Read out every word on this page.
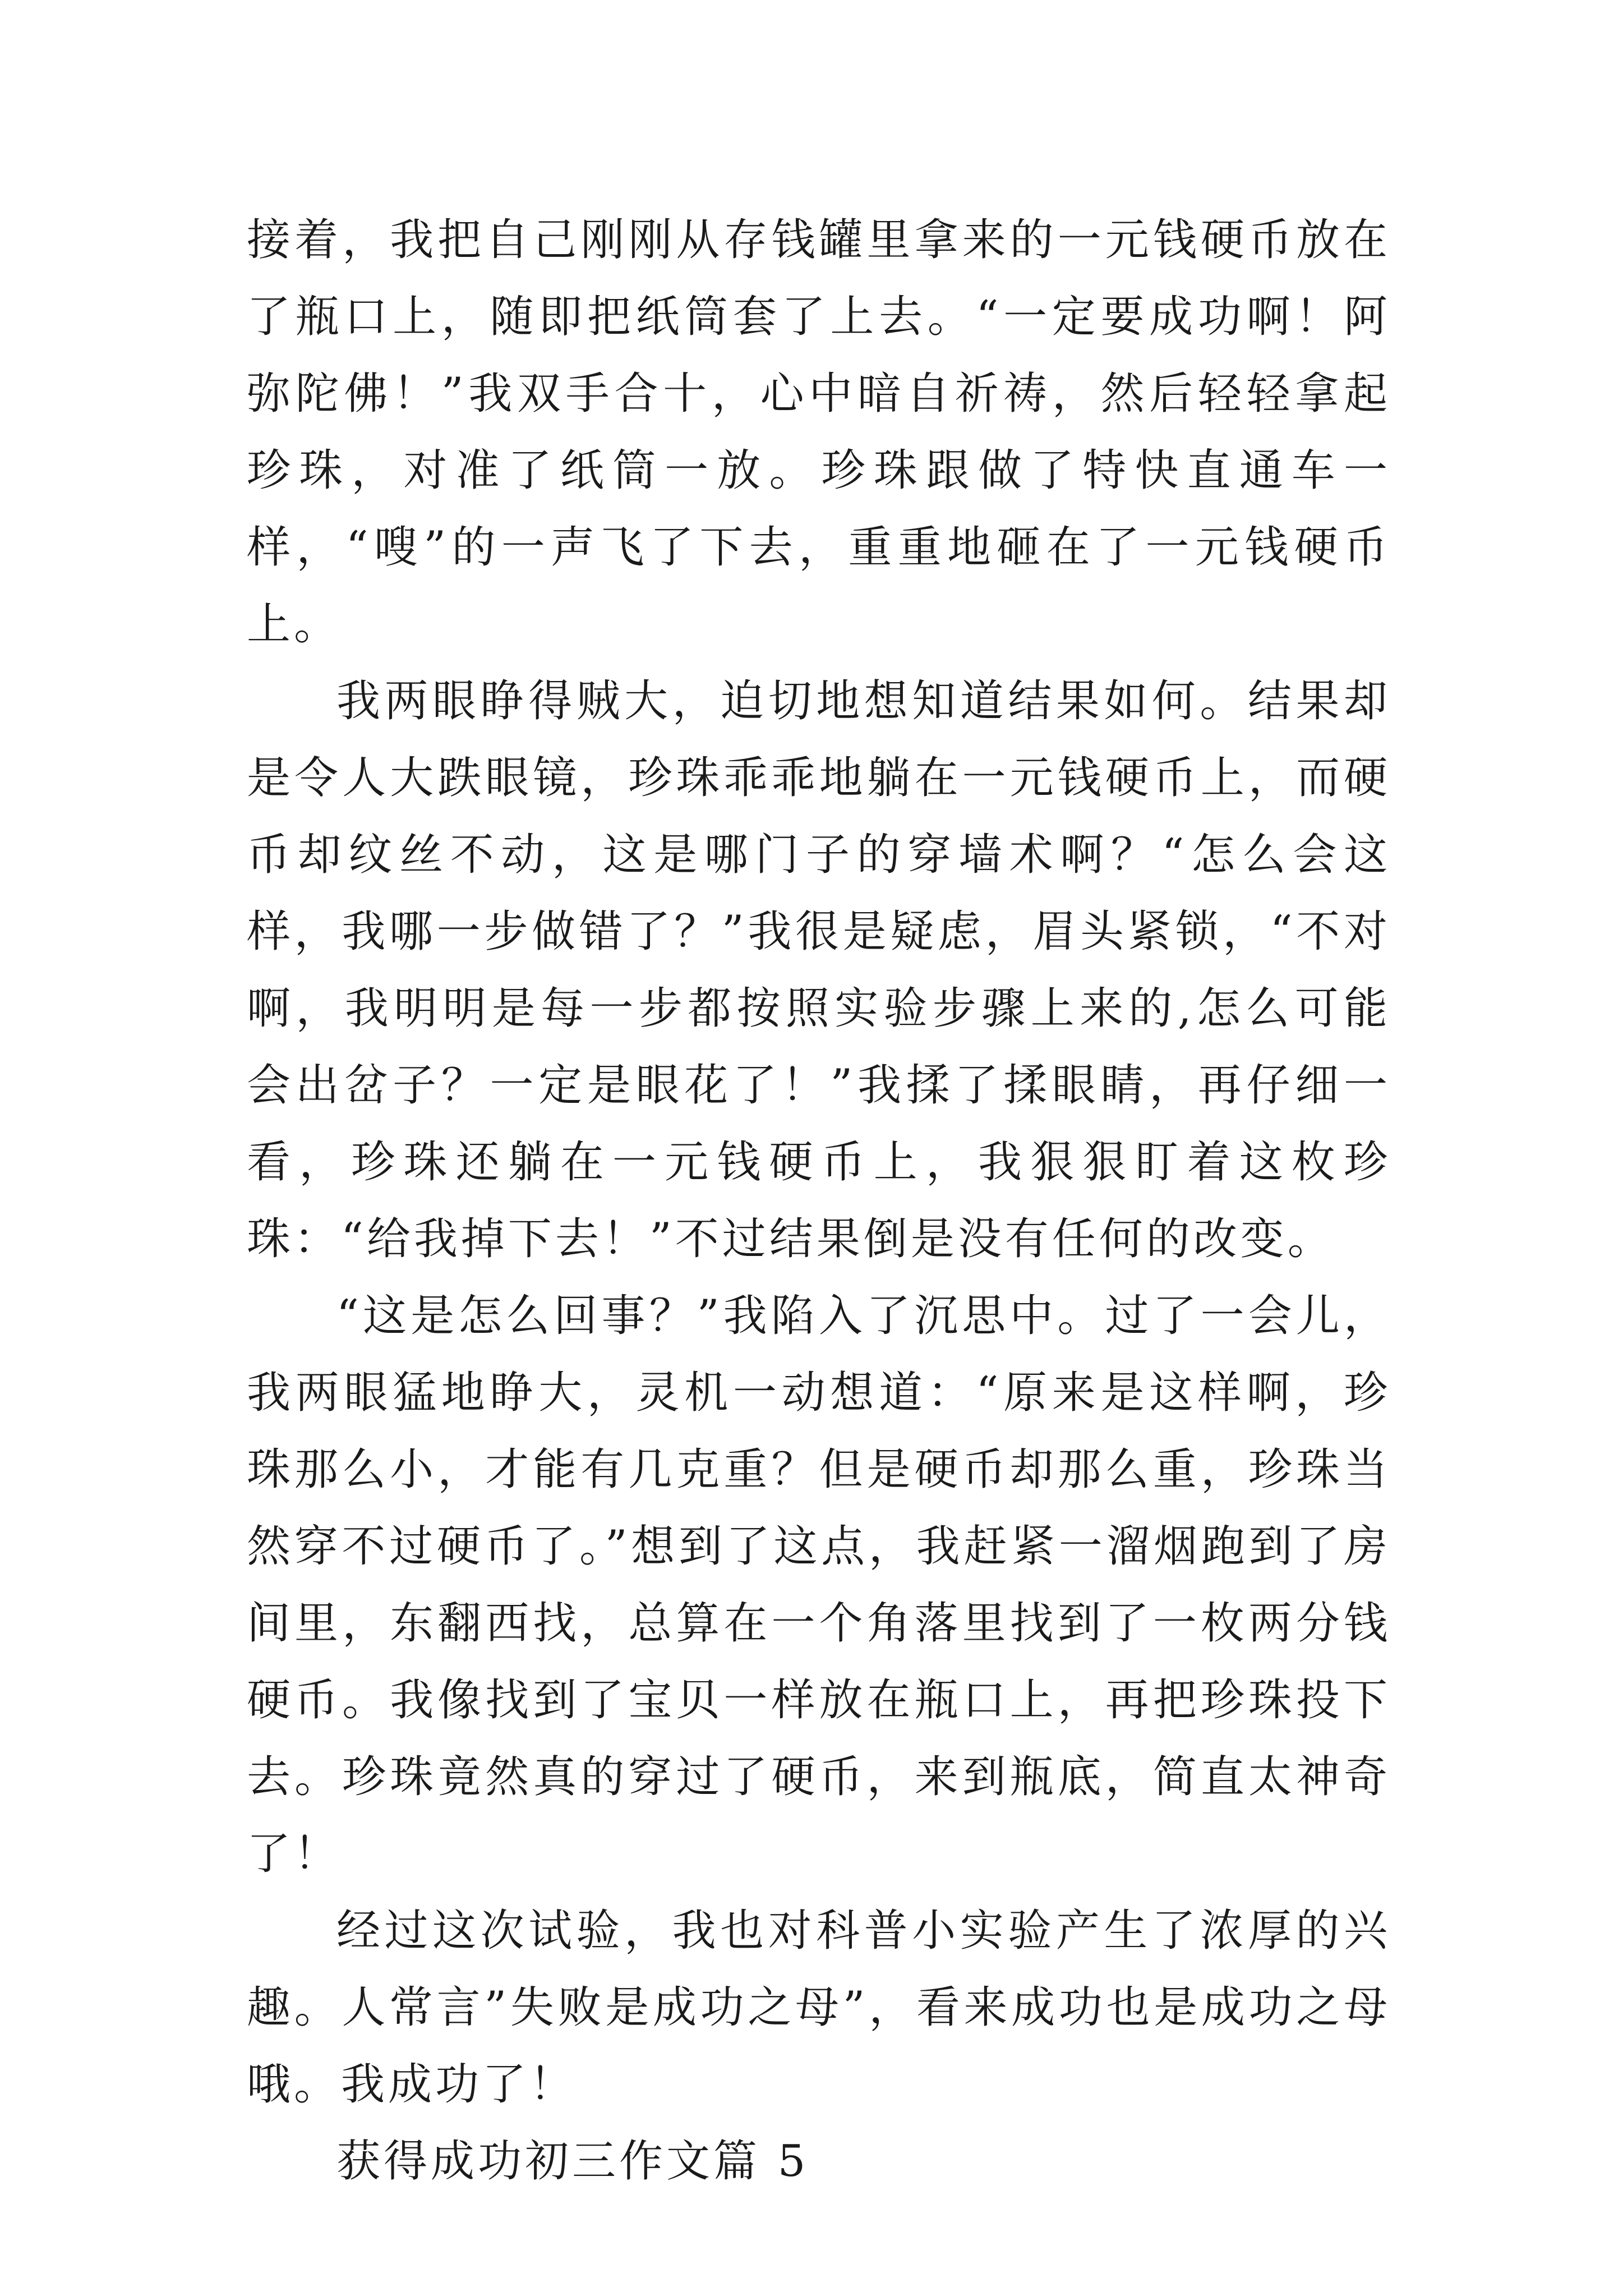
接着，我把自己刚刚从存钱罐里拿来的一元钱硬币放在了瓶口上，随即把纸筒套了上去。“一定要成功啊！阿弥陀佛！”我双手合十，心中暗自祈祷，然后轻轻拿起珍珠，对准了纸筒一放。珍珠跟做了特快直通车一样，“嗖”的一声飞了下去，重重地砸在了一元钱硬币上。

我两眼睁得贼大，迫切地想知道结果如何。结果却是令人大跌眼镜，珍珠乖乖地躺在一元钱硬币上，而硬币却纹丝不动，这是哪门子的穿墙术啊？“怎么会这样，我哪一步做错了？”我很是疑虑，眉头紧锁，“不对啊，我明明是每一步都按照实验步骤上来的,怎么可能会出岔子？一定是眼花了！”我揉了揉眼睛，再仔细一看，珍珠还躺在一元钱硬币上，我狠狠盯着这枚珍珠：“给我掉下去！”不过结果倒是没有任何的改变。

“这是怎么回事？”我陷入了沉思中。过了一会儿，我两眼猛地睁大，灵机一动想道：“原来是这样啊，珍珠那么小，才能有几克重？但是硬币却那么重，珍珠当然穿不过硬币了。”想到了这点，我赶紧一溜烟跑到了房间里，东翻西找，总算在一个角落里找到了一枚两分钱硬币。我像找到了宝贝一样放在瓶口上，再把珍珠投下去。珍珠竟然真的穿过了硬币，来到瓶底，简直太神奇了！

经过这次试验，我也对科普小实验产生了浓厚的兴趣。人常言”失败是成功之母”，看来成功也是成功之母哦。我成功了！

获得成功初三作文篇 5
